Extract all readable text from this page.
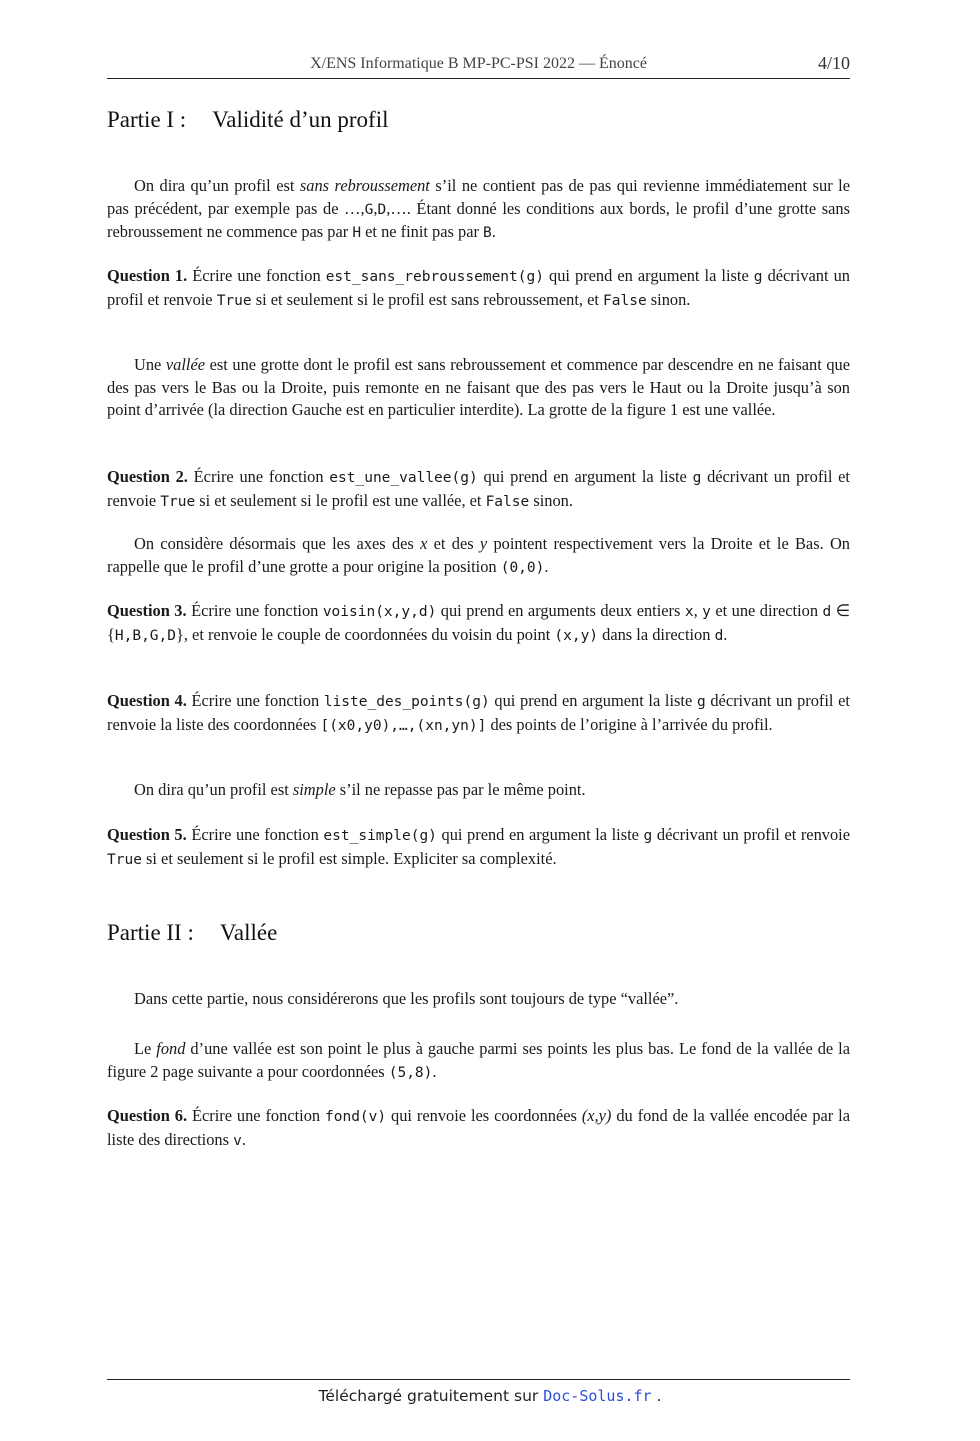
X/ENS Informatique B MP-PC-PSI 2022 — Énoncé	4/10
Partie I : Validité d’un profil

On dira qu’un profil est sans rebroussement s’il ne contient pas de pas qui revienne immédiatement sur le pas précédent, par exemple pas de …,G,D,…. Étant donné les conditions aux bords, le profil d’une grotte sans rebroussement ne commence pas par H et ne finit pas par B.

Question 1. Écrire une fonction est_sans_rebroussement(g) qui prend en argument la liste g décrivant un profil et renvoie True si et seulement si le profil est sans rebroussement, et False sinon.

Une vallée est une grotte dont le profil est sans rebroussement et commence par descendre en ne faisant que des pas vers le Bas ou la Droite, puis remonte en ne faisant que des pas vers le Haut ou la Droite jusqu’à son point d’arrivée (la direction Gauche est en particulier interdite). La grotte de la figure 1 est une vallée.

Question 2. Écrire une fonction est_une_vallee(g) qui prend en argument la liste g décrivant un profil et renvoie True si et seulement si le profil est une vallée, et False sinon.

On considère désormais que les axes des x et des y pointent respectivement vers la Droite et le Bas. On rappelle que le profil d’une grotte a pour origine la position (0,0).

Question 3. Écrire une fonction voisin(x,y,d) qui prend en arguments deux entiers x, y et une direction d ∈ {H,B,G,D}, et renvoie le couple de coordonnées du voisin du point (x,y) dans la direction d.

Question 4. Écrire une fonction liste_des_points(g) qui prend en argument la liste g décrivant un profil et renvoie la liste des coordonnées [(x0,y0),…,(xn,yn)] des points de l’origine à l’arrivée du profil.

On dira qu’un profil est simple s’il ne repasse pas par le même point.

Question 5. Écrire une fonction est_simple(g) qui prend en argument la liste g décrivant un profil et renvoie True si et seulement si le profil est simple. Expliciter sa complexité.

Partie II : Vallée

Dans cette partie, nous considérerons que les profils sont toujours de type “vallée”.

Le fond d’une vallée est son point le plus à gauche parmi ses points les plus bas. Le fond de la vallée de la figure 2 page suivante a pour coordonnées (5,8).

Question 6. Écrire une fonction fond(v) qui renvoie les coordonnées (x,y) du fond de la vallée encodée par la liste des directions v.

Téléchargé gratuitement sur Doc-Solus.fr .
